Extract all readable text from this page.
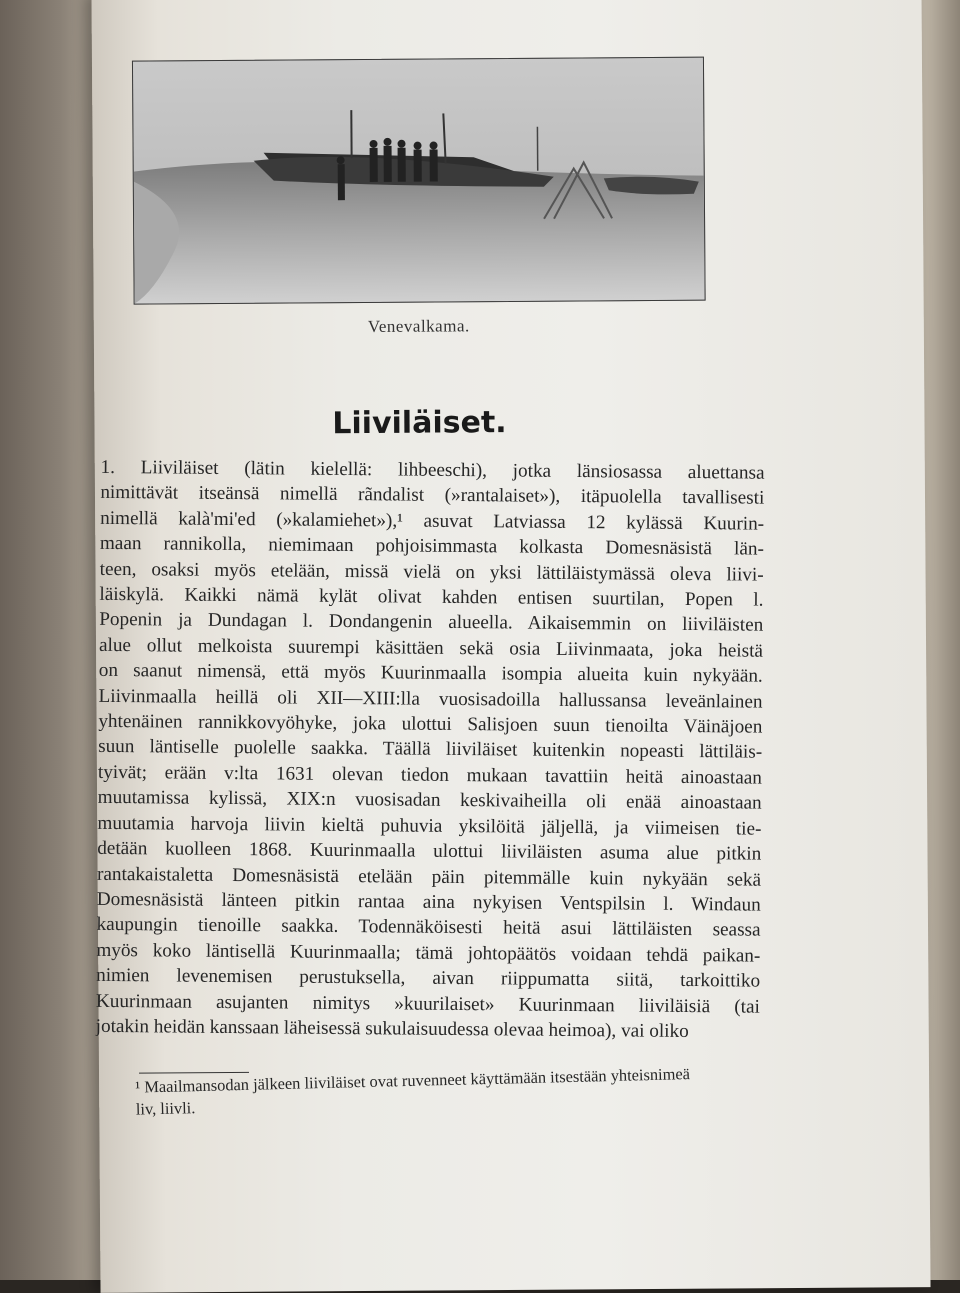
Venevalkama.
Liiviläiset.
1. Liiviläiset (lätin kielellä: lihbeeschi), jotka länsiosassa aluettansa
nimittävät itseänsä nimellä rãndalist (»rantalaiset»), itäpuolella tavallisesti
nimellä kalà'mi'ed (»kalamiehet»),¹ asuvat Latviassa 12 kylässä Kuurin-
maan rannikolla, niemimaan pohjoisimmasta kolkasta Domesnäsistä län-
teen, osaksi myös etelään, missä vielä on yksi lättiläistymässä oleva liivi-
läiskylä. Kaikki nämä kylät olivat kahden entisen suurtilan, Popen l.
Popenin ja Dundagan l. Dondangenin alueella. Aikaisemmin on liiviläisten
alue ollut melkoista suurempi käsittäen sekä osia Liivinmaata, joka heistä
on saanut nimensä, että myös Kuurinmaalla isompia alueita kuin nykyään.
Liivinmaalla heillä oli XII—XIII:lla vuosisadoilla hallussansa leveänlainen
yhtenäinen rannikkovyöhyke, joka ulottui Salisjoen suun tienoilta Väinäjoen
suun läntiselle puolelle saakka. Täällä liiviläiset kuitenkin nopeasti lättiläis-
tyivät; erään v:lta 1631 olevan tiedon mukaan tavattiin heitä ainoastaan
muutamissa kylissä, XIX:n vuosisadan keskivaiheilla oli enää ainoastaan
muutamia harvoja liivin kieltä puhuvia yksilöitä jäljellä, ja viimeisen tie-
detään kuolleen 1868. Kuurinmaalla ulottui liiviläisten asuma alue pitkin
rantakaistaletta Domesnäsistä etelään päin pitemmälle kuin nykyään sekä
Domesnäsistä länteen pitkin rantaa aina nykyisen Ventspilsin l. Windaun
kaupungin tienoille saakka. Todennäköisesti heitä asui lättiläisten seassa
myös koko läntisellä Kuurinmaalla; tämä johtopäätös voidaan tehdä paikan-
nimien levenemisen perustuksella, aivan riippumatta siitä, tarkoittiko
Kuurinmaan asujanten nimitys »kuurilaiset» Kuurinmaan liiviläisiä (tai
jotakin heidän kanssaan läheisessä sukulaisuudessa olevaa heimoa), vai oliko
¹ Maailmansodan jälkeen liiviläiset ovat ruvenneet käyttämään itsestään yhteisnimeä
liv, liivli.
